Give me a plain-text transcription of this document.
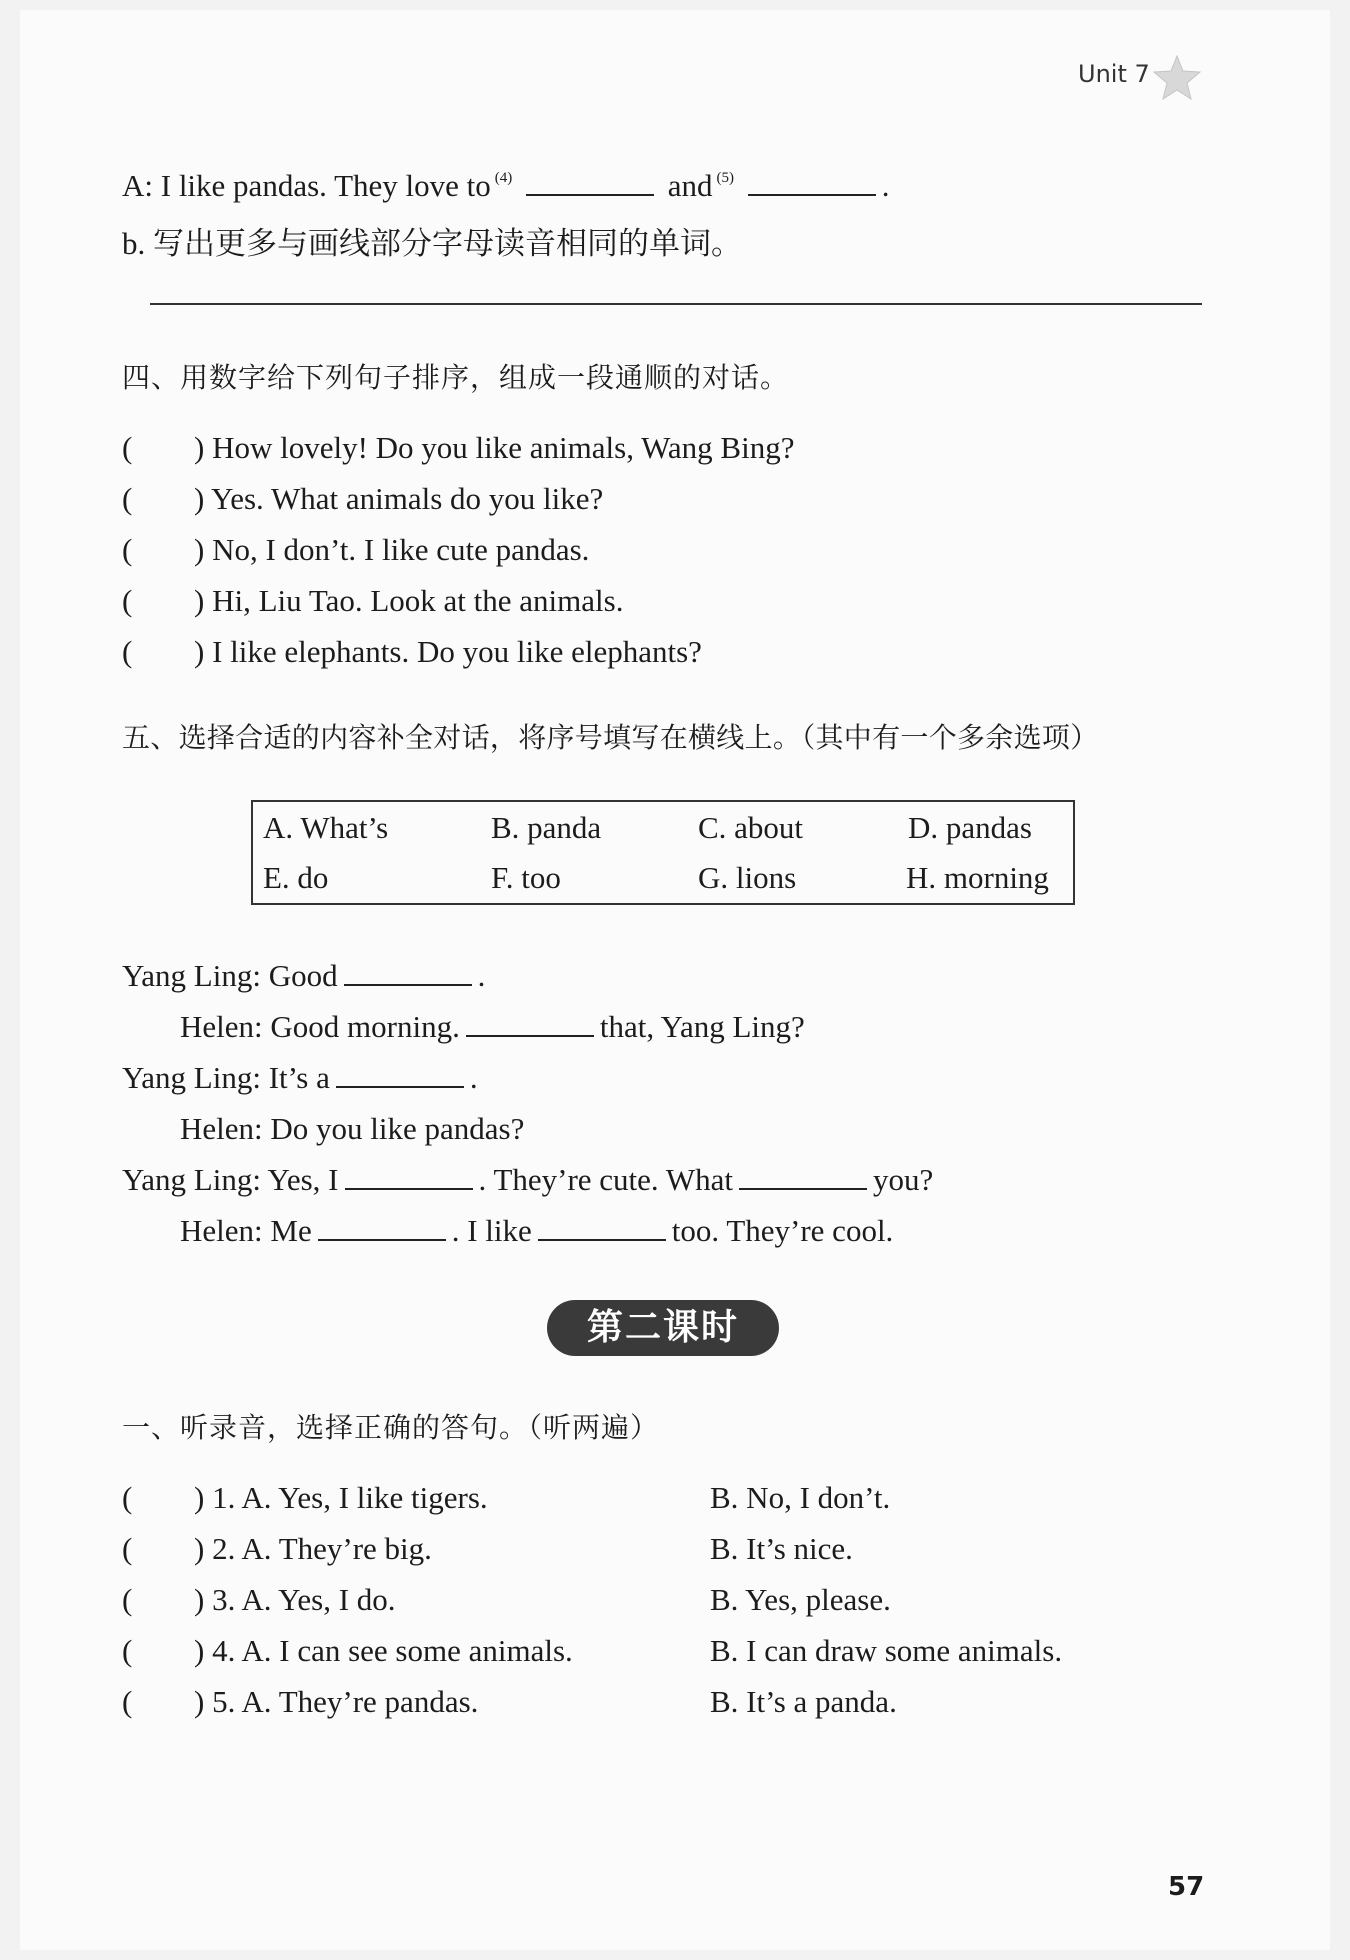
Unit 7
A: I like pandas. They love to $^{(4)}$	and $^{(5)}$	.
b. 写出更多与画线部分字母读音相同的单词。
四、用数字给下列句子排序，组成一段通顺的对话。
( ) How lovely! Do you like animals, Wang Bing?
( ) Yes. What animals do you like?
( ) No, I don’t. I like cute pandas.
( ) Hi, Liu Tao. Look at the animals.
( ) I like elephants. Do you like elephants?
五、选择合适的内容补全对话，将序号填写在横线上。（其中有一个多余选项）
A. What’s	B. panda	C. about	D. pandas
E. do	F. too	G. lions	H. morning
Yang Ling: Good	.
Helen: Good morning.	that, Yang Ling?
Yang Ling: It’s a	.
Helen: Do you like pandas?
Yang Ling: Yes, I	. They’re cute. What	you?
Helen: Me	. I like	too. They’re cool.
第二课时
一、听录音，选择正确的答句。（听两遍）
( ) 1. A. Yes, I like tigers.	B. No, I don’t.
( ) 2. A. They’re big.	B. It’s nice.
( ) 3. A. Yes, I do.	B. Yes, please.
( ) 4. A. I can see some animals.	B. I can draw some animals.
( ) 5. A. They’re pandas.	B. It’s a panda.
57
